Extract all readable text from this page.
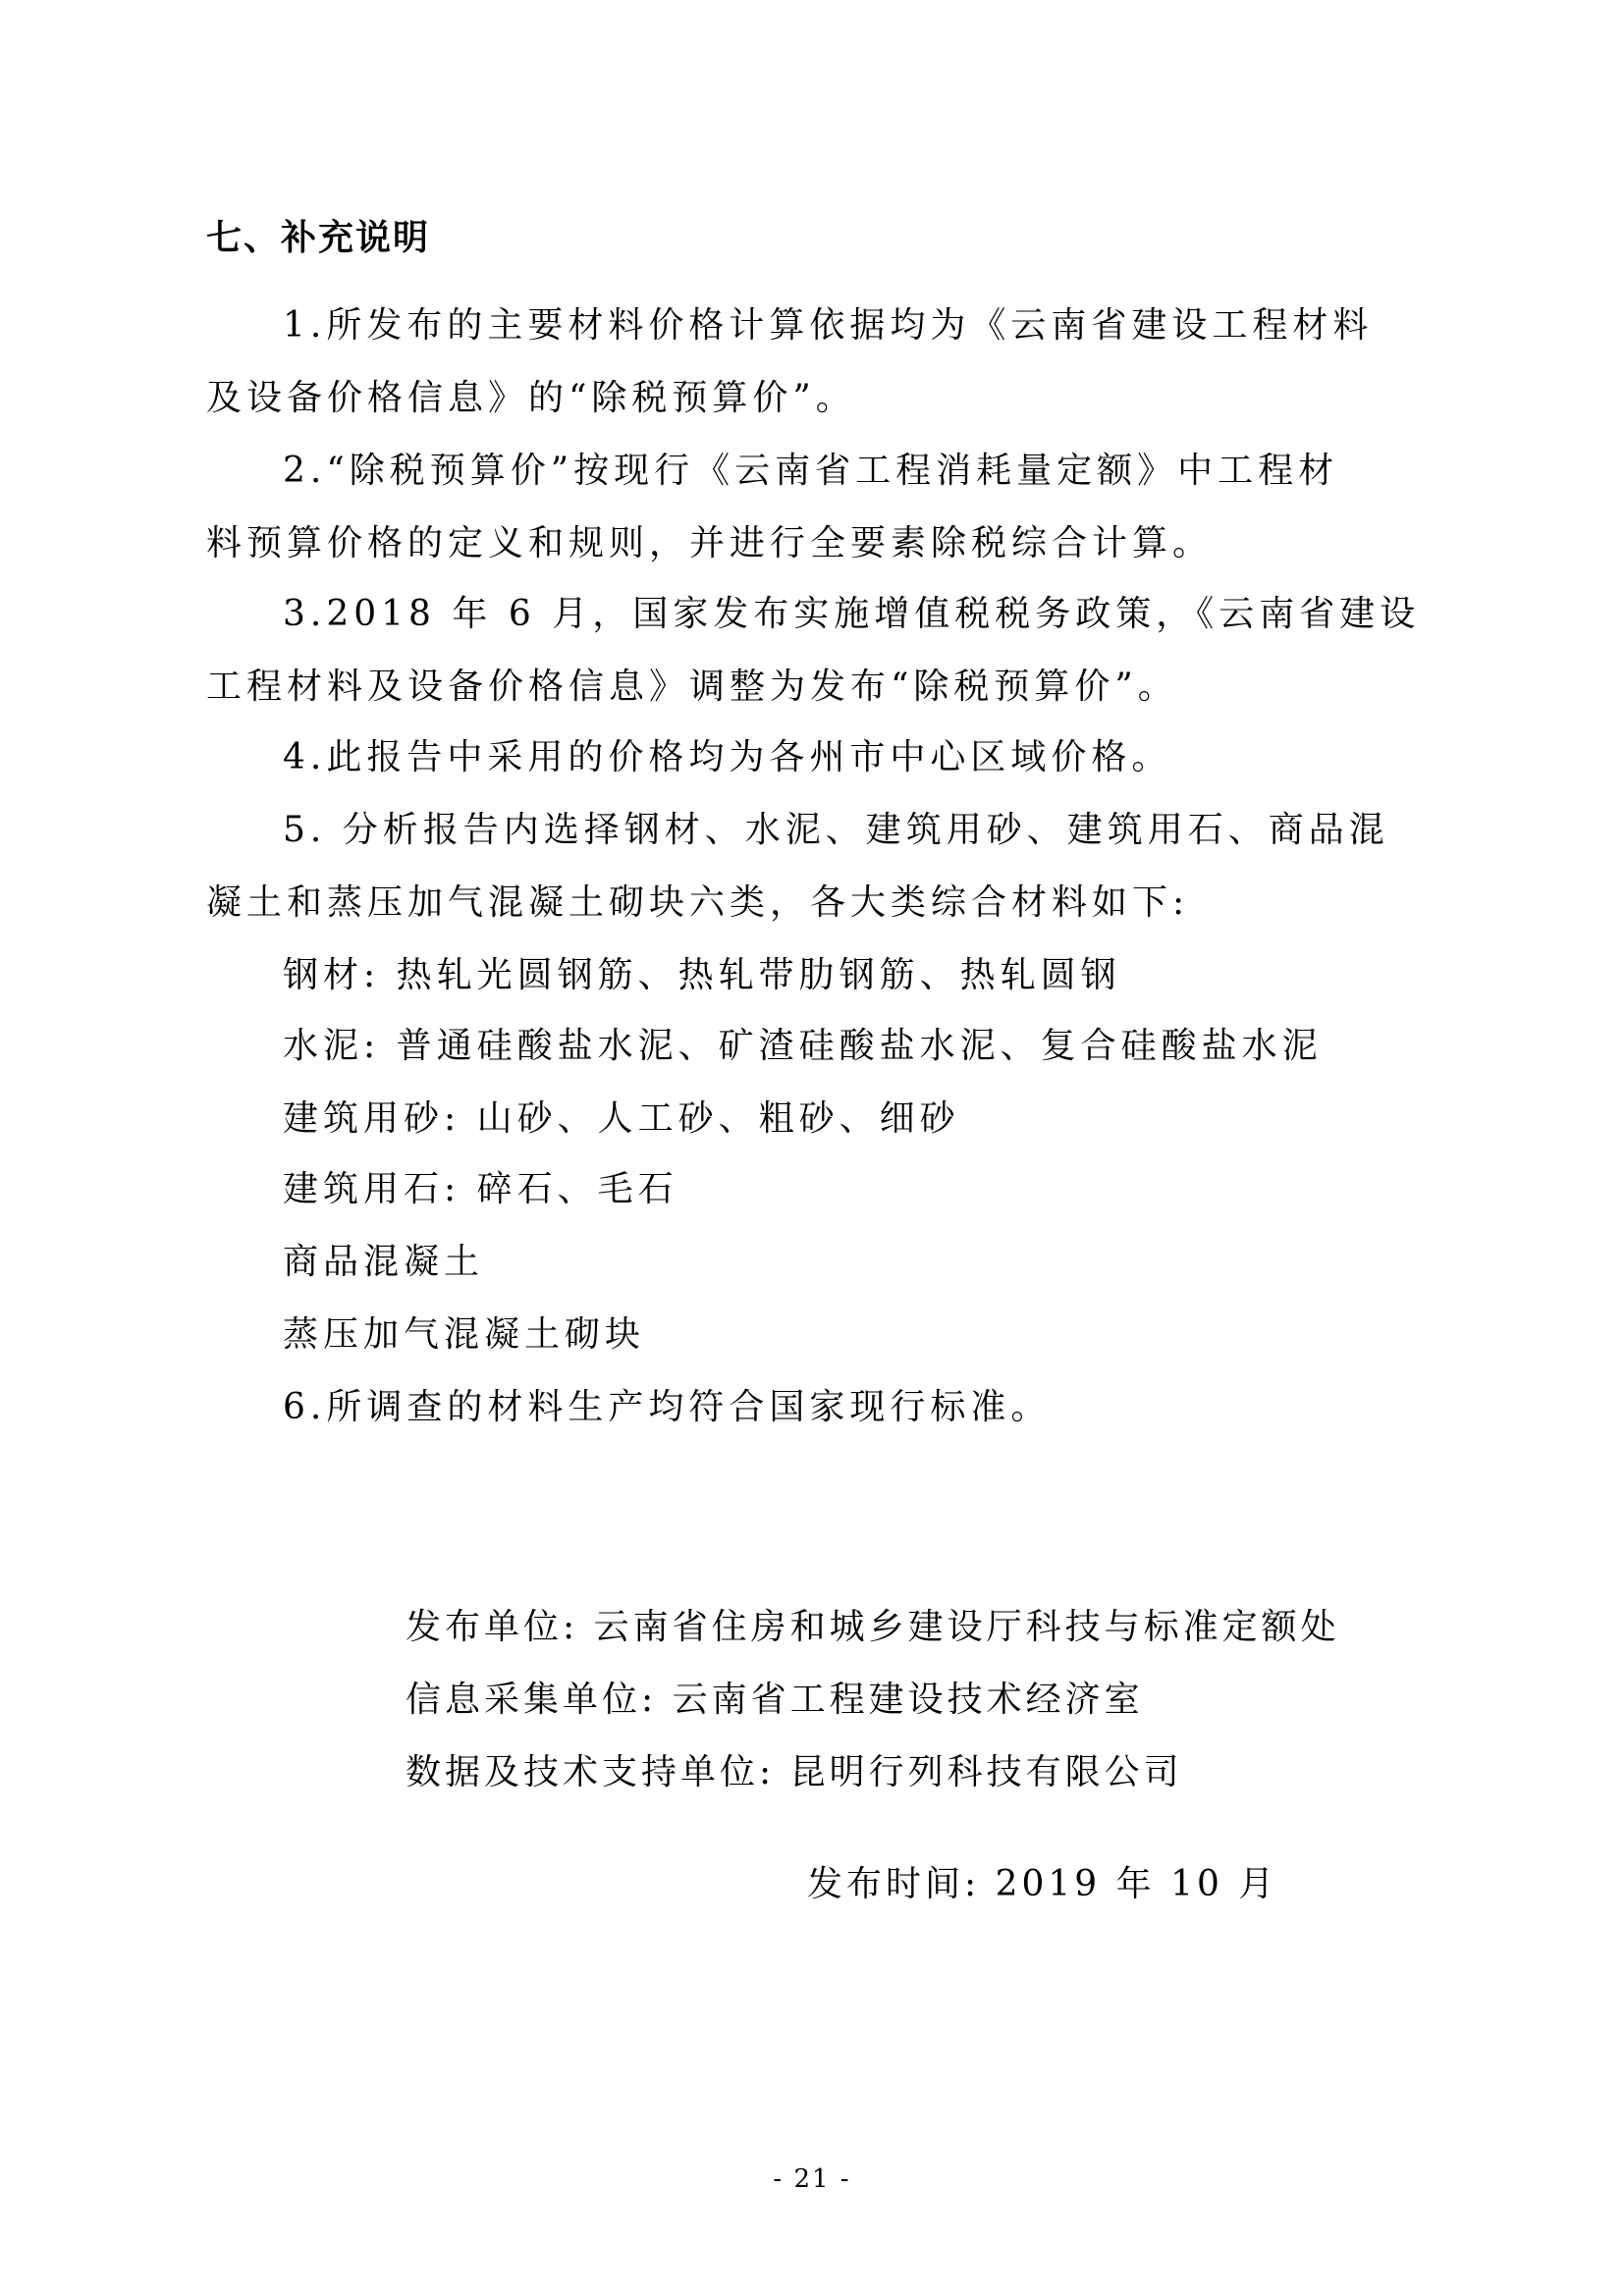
七、补充说明
1.所发布的主要材料价格计算依据均为《云南省建设工程材料
及设备价格信息》的“除税预算价”。
2.“除税预算价”按现行《云南省工程消耗量定额》中工程材
料预算价格的定义和规则，并进行全要素除税综合计算。
3.2018 年 6 月，国家发布实施增值税税务政策，《云南省建设
工程材料及设备价格信息》调整为发布“除税预算价”。
4.此报告中采用的价格均为各州市中心区域价格。
5. 分析报告内选择钢材、水泥、建筑用砂、建筑用石、商品混
凝土和蒸压加气混凝土砌块六类，各大类综合材料如下:
钢材: 热轧光圆钢筋、热轧带肋钢筋、热轧圆钢
水泥: 普通硅酸盐水泥、矿渣硅酸盐水泥、复合硅酸盐水泥
建筑用砂: 山砂、人工砂、粗砂、细砂
建筑用石: 碎石、毛石
商品混凝土
蒸压加气混凝土砌块
6.所调查的材料生产均符合国家现行标准。
发布单位: 云南省住房和城乡建设厅科技与标准定额处
信息采集单位: 云南省工程建设技术经济室
数据及技术支持单位: 昆明行列科技有限公司
发布时间: 2019 年 10 月
- 21 -
